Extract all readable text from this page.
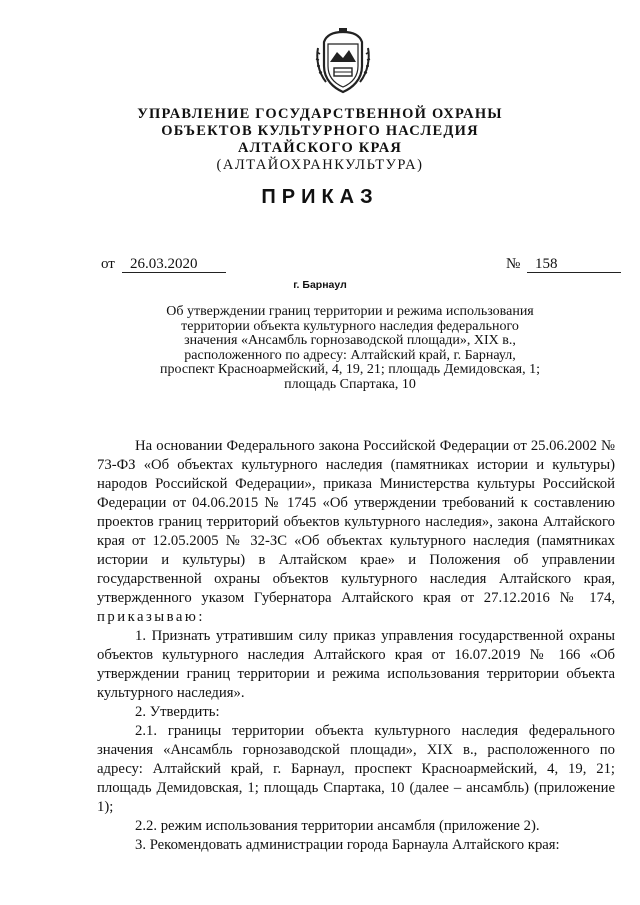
УПРАВЛЕНИЕ ГОСУДАРСТВЕННОЙ ОХРАНЫ
ОБЪЕКТОВ КУЛЬТУРНОГО НАСЛЕДИЯ
АЛТАЙСКОГО КРАЯ
(АЛТАЙОХРАНКУЛЬТУРА)
ПРИКАЗ
от	26.03.2020	№ 158
г. Барнаул
Об утверждении границ территории и режима использования
территории объекта культурного наследия федерального
значения «Ансамбль горнозаводской площади», XIX в.,
расположенного по адресу: Алтайский край, г. Барнаул,
проспект Красноармейский, 4, 19, 21; площадь Демидовская, 1;
площадь Спартака, 10

На основании Федерального закона Российской Федерации от 25.06.2002 № 73-ФЗ «Об объектах культурного наследия (памятниках истории и культуры) народов Российской Федерации», приказа Министерства культуры Российской Федерации от 04.06.2015 № 1745 «Об утверждении требований к составлению проектов границ территорий объектов культурного наследия», закона Алтайского края от 12.05.2005 № 32-ЗС «Об объектах культурного наследия (памятниках истории и культуры) в Алтайском крае» и Положения об управлении государственной охраны объектов культурного наследия Алтайского края, утвержденного указом Губернатора Алтайского края от 27.12.2016 № 174, приказываю:

1. Признать утратившим силу приказ управления государственной охраны объектов культурного наследия Алтайского края от 16.07.2019 № 166 «Об утверждении границ территории и режима использования территории объекта культурного наследия».

2. Утвердить:

2.1. границы территории объекта культурного наследия федерального значения «Ансамбль горнозаводской площади», XIX в., расположенного по адресу: Алтайский край, г. Барнаул, проспект Красноармейский, 4, 19, 21; площадь Демидовская, 1; площадь Спартака, 10 (далее – ансамбль) (приложение 1);

2.2. режим использования территории ансамбля (приложение 2).

3. Рекомендовать администрации города Барнаула Алтайского края:
